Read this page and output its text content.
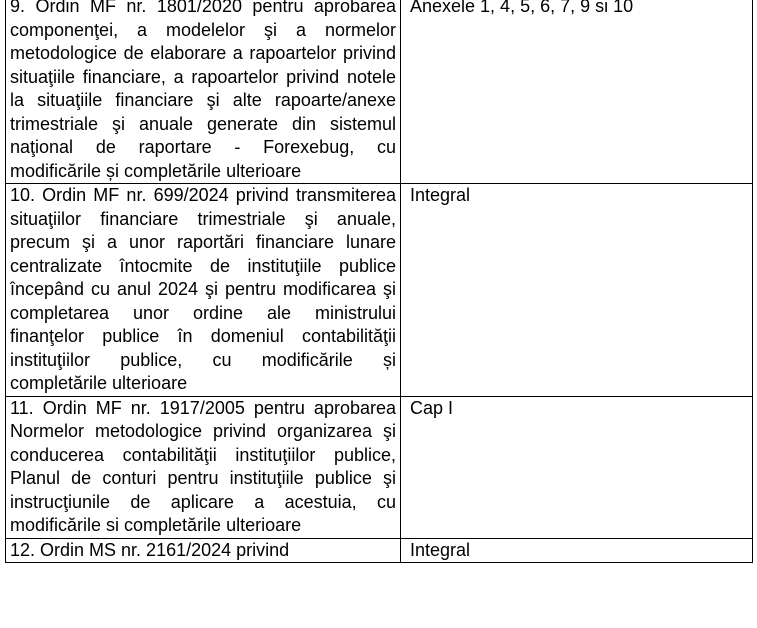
9. Ordin MF nr. 1801/2020 pentru aprobarea componenţei, a modelelor şi a normelor metodologice de elaborare a rapoartelor privind situaţiile financiare, a rapoartelor privind notele la situaţiile financiare şi alte rapoarte/anexe trimestriale şi anuale generate din sistemul naţional de raportare - Forexebug, cu modificările și completările ulterioare	Anexele 1, 4, 5, 6, 7, 9 si 10
10. Ordin MF nr. 699/2024 privind transmiterea situaţiilor financiare trimestriale şi anuale, precum şi a unor raportări financiare lunare centralizate întocmite de instituţiile publice începând cu anul 2024 şi pentru modificarea şi completarea unor ordine ale ministrului finanţelor publice în domeniul contabilităţii instituţiilor publice, cu modificările și completările ulterioare	Integral
11. Ordin MF nr. 1917/2005 pentru aprobarea Normelor metodologice privind organizarea şi conducerea contabilităţii instituţiilor publice, Planul de conturi pentru instituţiile publice şi instrucţiunile de aplicare a acestuia, cu modificările si completările ulterioare	Cap I
12. Ordin MS nr. 2161/2024 privind	Integral
